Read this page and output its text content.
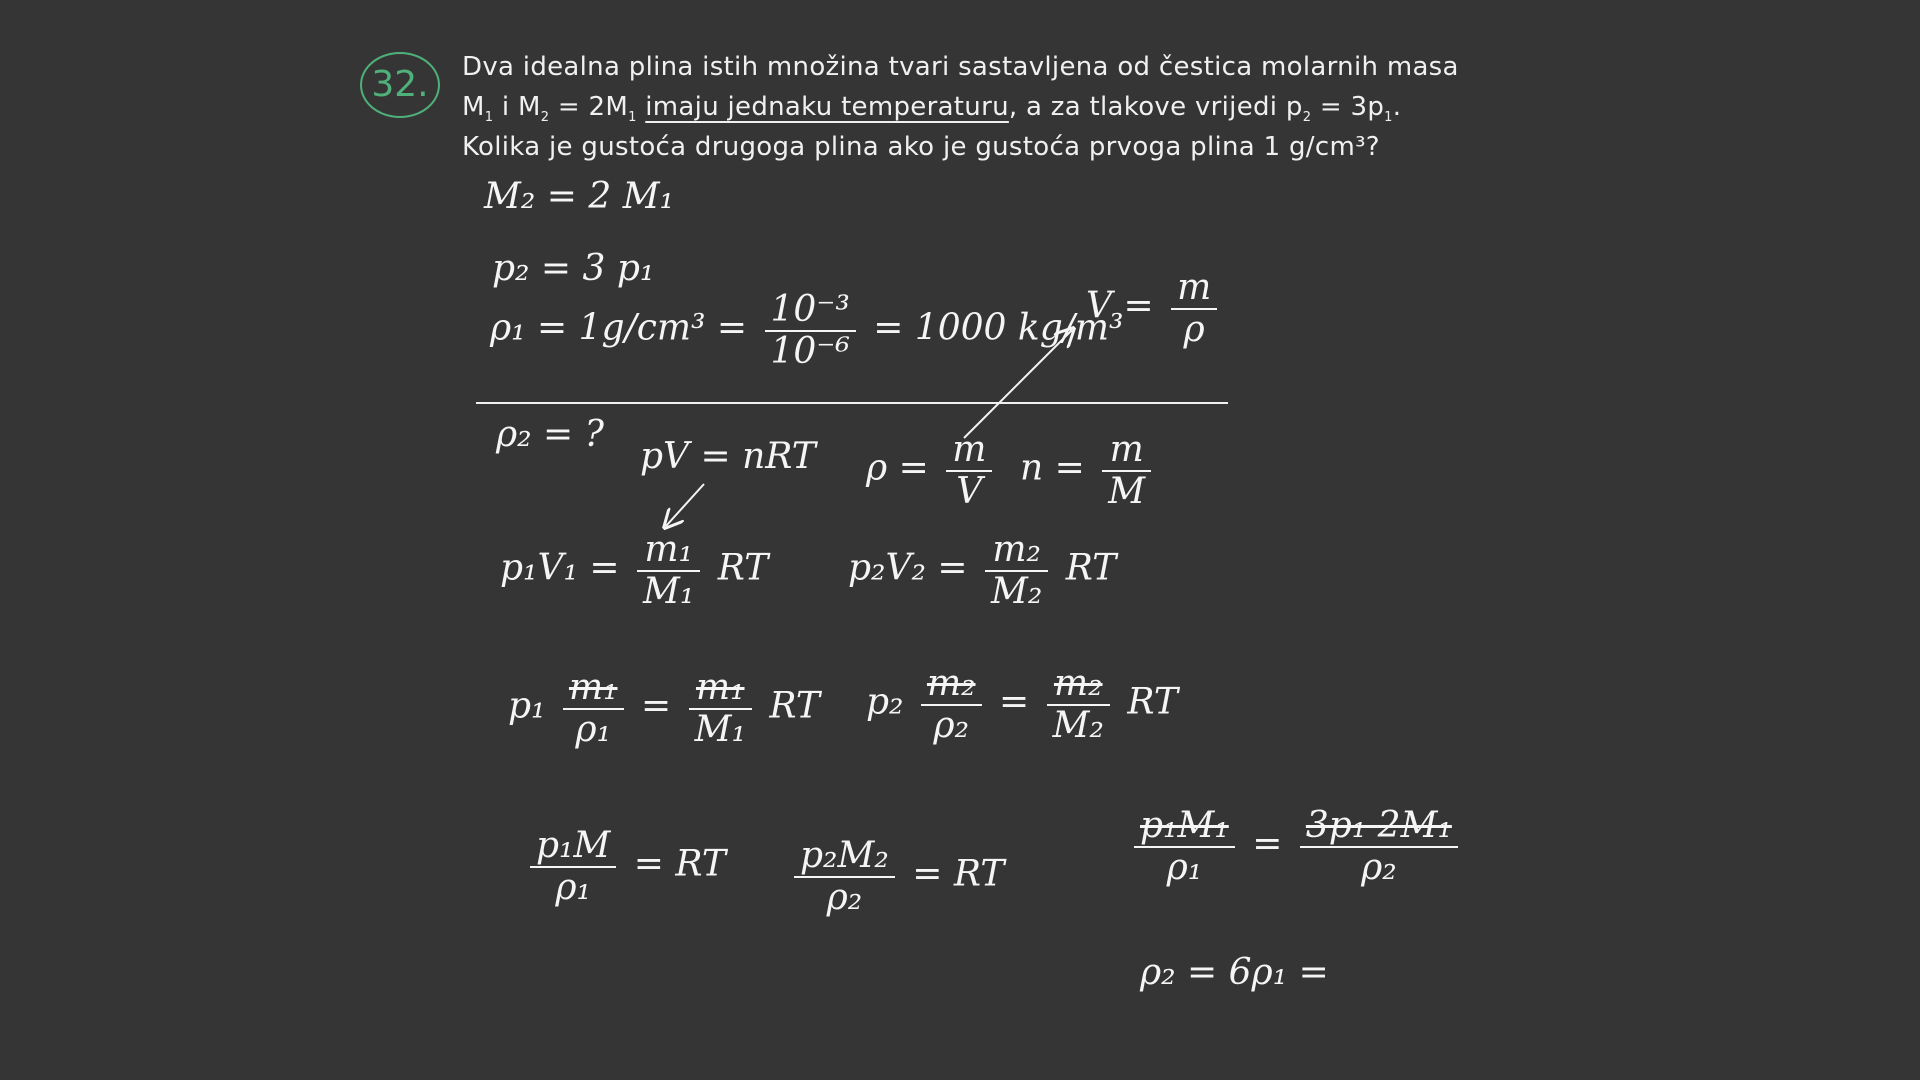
32.	Dva idealna plina istih množina tvari sastavljena od čestica molarnih masa
$M_1$ i $M_2 = 2M_1$ imaju jednaku temperaturu, a za tlakove vrijedi $p_2 = 3p_1$.
Kolika je gustoća drugoga plina ako je gustoća prvoga plina 1 g/cm³?
M₂ = 2 M₁
p₂ = 3 p₁
$\rho_1 = 1g/cm^3 = \frac{\text{10⁻³}}{\text{10⁻⁶}} = 1000$ kg/m³
$V = \frac{m}{\rho}$
ρ₂ = ?
pV = nRT $\rho = \frac{m}{V}$ $n = \frac{m}{M}$
$p_1V_1 = \frac{\text{m₁}}{\text{M₁}}$ RT $p_2V_2 = \frac{\text{m₂}}{\text{M₂}}$ RT
$p_1 \frac{\text{m₁}}{\text{ρ₁}} = \frac{\text{m₁}}{\text{M₁}}$ RT $p_2 \frac{\text{m₂}}{\text{ρ₂}} = \frac{\text{m₂}}{\text{M₂}}$ RT
$\frac{\text{p₁M}}{\text{ρ₁}}$ = RT $\frac{\text{p₂M₂}}{\text{ρ₂}}$ = RT	$\frac{\text{p₁M₁}}{\text{ρ₁}} = \frac{\text{3p₁ 2M₁}}{\text{ρ₂}}$
ρ₂ = 6ρ₁ =
